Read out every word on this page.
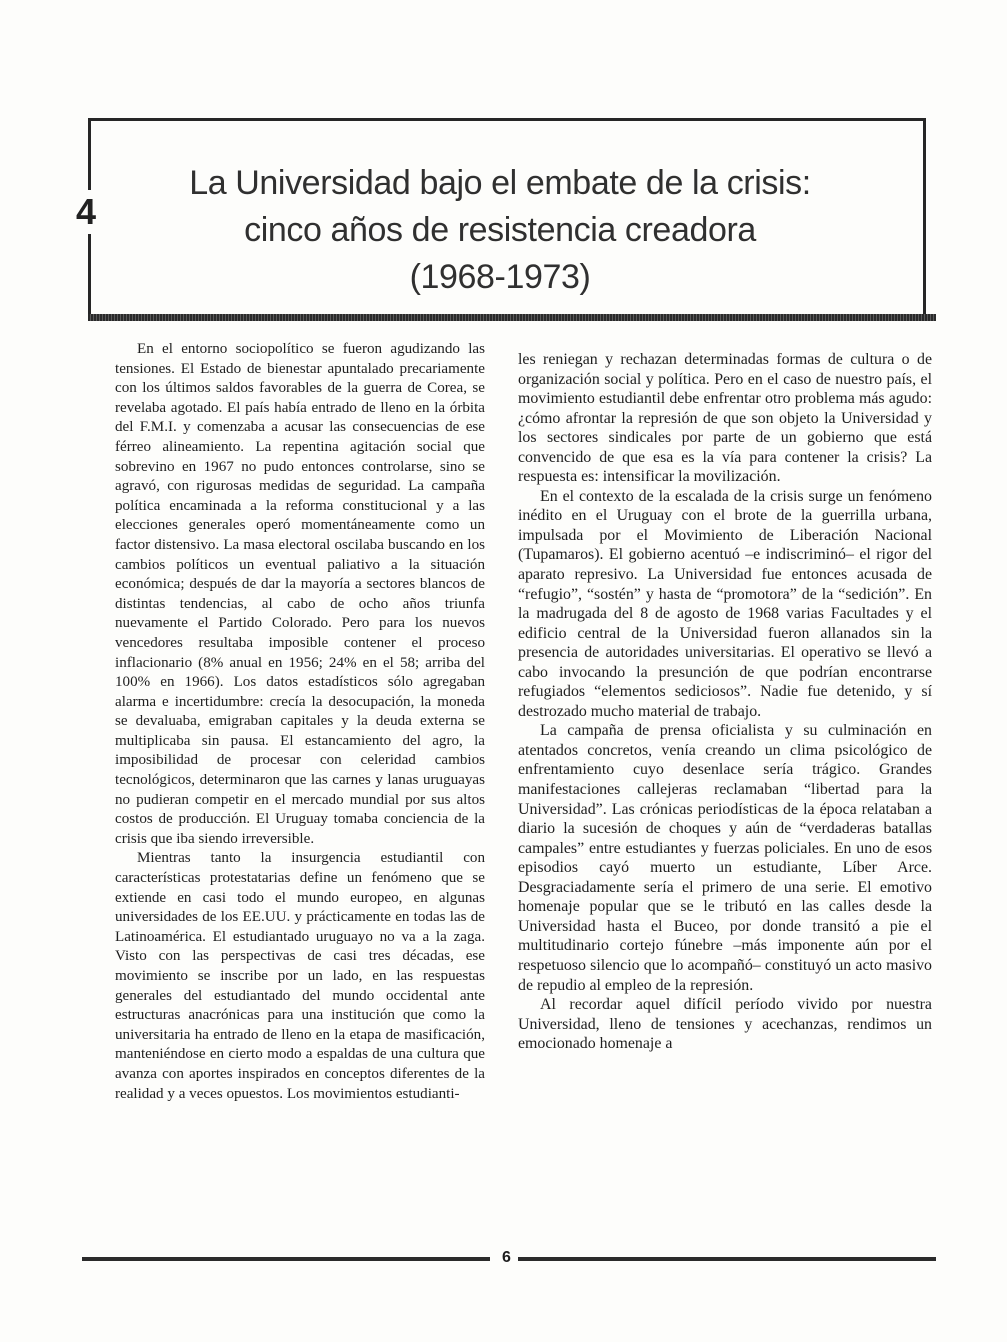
4
La Universidad bajo el embate de la crisis:
cinco años de resistencia creadora
(1968-1973)

En el entorno sociopolítico se fueron agudizando las tensiones. El Estado de bienestar apuntalado precariamente con los últimos saldos favorables de la guerra de Corea, se revelaba agotado. El país había entrado de lleno en la órbita del F.M.I. y comenzaba a acusar las consecuencias de ese férreo alineamiento. La repentina agitación social que sobrevino en 1967 no pudo entonces controlarse, sino se agravó, con rigurosas medidas de seguridad. La campaña política encaminada a la reforma constitucional y a las elecciones generales operó momentáneamente como un factor distensivo. La masa electoral oscilaba buscando en los cambios políticos un eventual paliativo a la situación económica; después de dar la mayoría a sectores blancos de distintas tendencias, al cabo de ocho años triunfa nuevamente el Partido Colorado. Pero para los nuevos vencedores resultaba imposible contener el proceso inflacionario (8% anual en 1956; 24% en el 58; arriba del 100% en 1966). Los datos estadísticos sólo agregaban alarma e incertidumbre: crecía la desocupación, la moneda se devaluaba, emigraban capitales y la deuda externa se multiplicaba sin pausa. El estancamiento del agro, la imposibilidad de procesar con celeridad cambios tecnológicos, determinaron que las carnes y lanas uruguayas no pudieran competir en el mercado mundial por sus altos costos de producción. El Uruguay tomaba conciencia de la crisis que iba siendo irreversible.

Mientras tanto la insurgencia estudiantil con características protestatarias define un fenómeno que se extiende en casi todo el mundo europeo, en algunas universidades de los EE.UU. y prácticamente en todas las de Latinoamérica. El estudiantado uruguayo no va a la zaga. Visto con las perspectivas de casi tres décadas, ese movimiento se inscribe por un lado, en las respuestas generales del estudiantado del mundo occidental ante estructuras anacrónicas para una institución que como la universitaria ha entrado de lleno en la etapa de masificación, manteniéndose en cierto modo a espaldas de una cultura que avanza con aportes inspirados en conceptos diferentes de la realidad y a veces opuestos. Los movimientos estudianti-

les reniegan y rechazan determinadas formas de cultura o de organización social y política. Pero en el caso de nuestro país, el movimiento estudiantil debe enfrentar otro problema más agudo: ¿cómo afrontar la represión de que son objeto la Universidad y los sectores sindicales por parte de un gobierno que está convencido de que esa es la vía para contener la crisis? La respuesta es: intensificar la movilización.

En el contexto de la escalada de la crisis surge un fenómeno inédito en el Uruguay con el brote de la guerrilla urbana, impulsada por el Movimiento de Liberación Nacional (Tupamaros). El gobierno acentuó –e indiscriminó– el rigor del aparato represivo. La Universidad fue entonces acusada de “refugio”, “sostén” y hasta de “promotora” de la “sedición”. En la madrugada del 8 de agosto de 1968 varias Facultades y el edificio central de la Universidad fueron allanados sin la presencia de autoridades universitarias. El operativo se llevó a cabo invocando la presunción de que podrían encontrarse refugiados “elementos sediciosos”. Nadie fue detenido, y sí destrozado mucho material de trabajo.

La campaña de prensa oficialista y su culminación en atentados concretos, venía creando un clima psicológico de enfrentamiento cuyo desenlace sería trágico. Grandes manifestaciones callejeras reclamaban “libertad para la Universidad”. Las crónicas periodísticas de la época relataban a diario la sucesión de choques y aún de “verdaderas batallas campales” entre estudiantes y fuerzas policiales. En uno de esos episodios cayó muerto un estudiante, Líber Arce. Desgraciadamente sería el primero de una serie. El emotivo homenaje popular que se le tributó en las calles desde la Universidad hasta el Buceo, por donde transitó a pie el multitudinario cortejo fúnebre –más imponente aún por el respetuoso silencio que lo acompañó– constituyó un acto masivo de repudio al empleo de la represión.

Al recordar aquel difícil período vivido por nuestra Universidad, lleno de tensiones y acechanzas, rendimos un emocionado homenaje a

6
